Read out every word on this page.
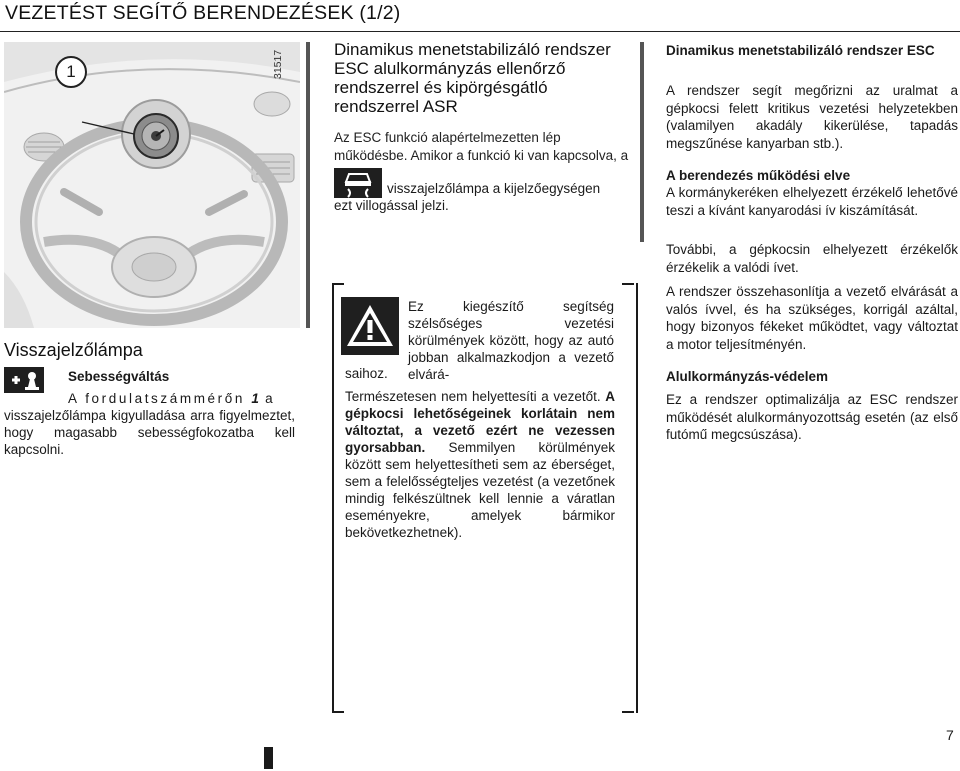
VEZETÉST SEGÍTŐ BERENDEZÉSEK (1/2)
31517
1
Visszajelzőlámpa
Sebességváltás
A fordulatszámmérőn 1 a
visszajelzőlámpa kigyulladása arra figyelmeztet, hogy magasabb sebességfokozatba kell kapcsolni.
Dinamikus menetstabilizáló rendszer ESC alulkormányzás ellenőrző rendszerrel és kipörgésgátló rendszerrel ASR
Az ESC funkció alapértelmezetten lép működésbe. Amikor a funkció ki van kapcsolva, a
visszajelzőlámpa a kijelzőegységen
ezt villogással jelzi.
Ez kiegészítő segítség szélsőséges vezetési körülmények között, hogy az autó jobban alkalmazkodjon a vezető elvárá-
saihoz.
Természetesen nem helyettesíti a vezetőt. A gépkocsi lehetőségeinek korlátain nem változtat, a vezető ezért ne vezessen gyorsabban. Semmilyen körülmények között sem helyettesítheti sem az éberséget, sem a felelősségteljes vezetést (a vezetőnek mindig felkészültnek kell lennie a váratlan eseményekre, amelyek bármikor bekövetkezhetnek).
Dinamikus menetstabilizáló rendszer ESC
A rendszer segít megőrizni az uralmat a gépkocsi felett kritikus vezetési helyzetekben (valamilyen akadály kikerülése, tapadás megszűnése kanyarban stb.).
A berendezés működési elve
A kormánykeréken elhelyezett érzékelő lehetővé teszi a kívánt kanyarodási ív kiszámítását.
További, a gépkocsin elhelyezett érzékelők érzékelik a valódi ívet.
A rendszer összehasonlítja a vezető elvárását a valós ívvel, és ha szükséges, korrigál azáltal, hogy bizonyos fékeket működtet, vagy változtat a motor teljesítményén.
Alulkormányzás-védelem
Ez a rendszer optimalizálja az ESC rendszer működését alulkormányozottság esetén (az első futómű megcsúszása).
7
